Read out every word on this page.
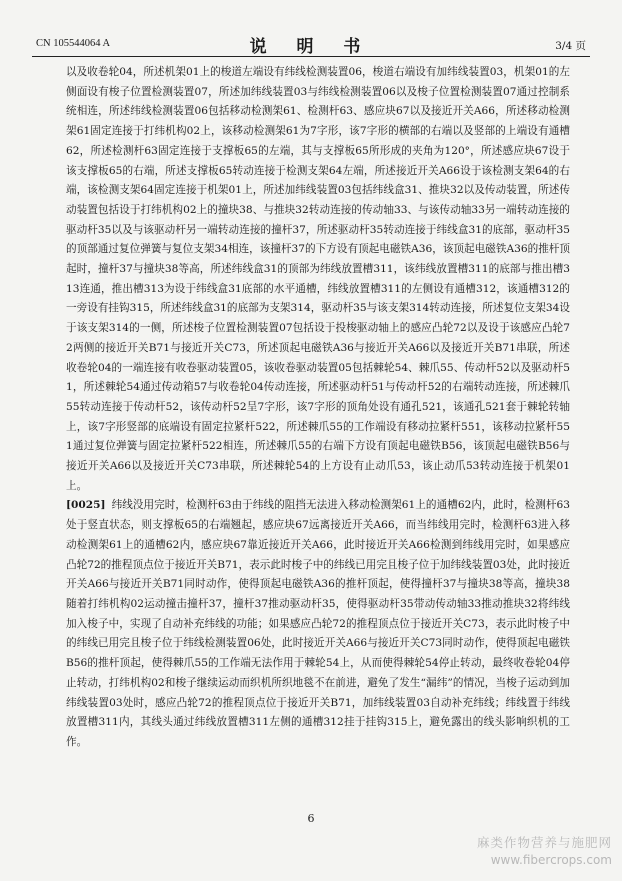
CN 105544064 A	说 明 书	3/4 页

以及收卷轮04，所述机架01上的梭道左端设有纬线检测装置06，梭道右端设有加纬线装置03，机架01的左侧面设有梭子位置检测装置07，所述加纬线装置03与纬线检测装置06以及梭子位置检测装置07通过控制系统相连，所述纬线检测装置06包括移动检测架61、检测杆63、感应块67以及接近开关A66，所述移动检测架61固定连接于打纬机构02上，该移动检测架61为7字形，该7字形的横部的右端以及竖部的上端设有通槽62，所述检测杆63固定连接于支撑板65的左端，其与支撑板65所形成的夹角为120°，所述感应块67设于该支撑板65的右端，所述支撑板65转动连接于检测支架64左端，所述接近开关A66设于该检测支架64的右端，该检测支架64固定连接于机架01上，所述加纬线装置03包括纬线盒31、推块32以及传动装置，所述传动装置包括设于打纬机构02上的撞块38、与推块32转动连接的传动轴33、与该传动轴33另一端转动连接的驱动杆35以及与该驱动杆另一端转动连接的撞杆37，所述驱动杆35转动连接于纬线盒31的底部，驱动杆35的顶部通过复位弹簧与复位支架34相连，该撞杆37的下方设有顶起电磁铁A36，该顶起电磁铁A36的推杆顶起时，撞杆37与撞块38等高，所述纬线盒31的顶部为纬线放置槽311，该纬线放置槽311的底部与推出槽313连通，推出槽313为设于纬线盒31底部的水平通槽，纬线放置槽311的左侧设有通槽312，该通槽312的一旁设有挂钩315，所述纬线盒31的底部为支架314，驱动杆35与该支架314转动连接，所述复位支架34设于该支架314的一侧，所述梭子位置检测装置07包括设于投梭驱动轴上的感应凸轮72以及设于该感应凸轮72两侧的接近开关B71与接近开关C73，所述顶起电磁铁A36与接近开关A66以及接近开关B71串联，所述收卷轮04的一端连接有收卷驱动装置05，该收卷驱动装置05包括棘轮54、棘爪55、传动杆52以及驱动杆51，所述棘轮54通过传动箱57与收卷轮04传动连接，所述驱动杆51与传动杆52的右端转动连接，所述棘爪55转动连接于传动杆52，该传动杆52呈7字形，该7字形的顶角处设有通孔521，该通孔521套于棘轮转轴上，该7字形竖部的底端设有固定拉紧杆522，所述棘爪55的工作端设有移动拉紧杆551，该移动拉紧杆551通过复位弹簧与固定拉紧杆522相连，所述棘爪55的右端下方设有顶起电磁铁B56，该顶起电磁铁B56与接近开关A66以及接近开关C73串联，所述棘轮54的上方设有止动爪53，该止动爪53转动连接于机架01上。

[0025] 纬线没用完时，检测杆63由于纬线的阻挡无法进入移动检测架61上的通槽62内，此时，检测杆63处于竖直状态，则支撑板65的右端翘起，感应块67远离接近开关A66，而当纬线用完时，检测杆63进入移动检测架61上的通槽62内，感应块67靠近接近开关A66，此时接近开关A66检测到纬线用完时，如果感应凸轮72的推程顶点位于接近开关B71，表示此时梭子中的纬线已用完且梭子位于加纬线装置03处，此时接近开关A66与接近开关B71同时动作，使得顶起电磁铁A36的推杆顶起，使得撞杆37与撞块38等高，撞块38随着打纬机构02运动撞击撞杆37，撞杆37推动驱动杆35，使得驱动杆35带动传动轴33推动推块32将纬线加入梭子中，实现了自动补充纬线的功能；如果感应凸轮72的推程顶点位于接近开关C73，表示此时梭子中的纬线已用完且梭子位于纬线检测装置06处，此时接近开关A66与接近开关C73同时动作，使得顶起电磁铁B56的推杆顶起，使得棘爪55的工作端无法作用于棘轮54上，从而使得棘轮54停止转动，最终收卷轮04停止转动，打纬机构02和梭子继续运动而织机所织地毯不在前进，避免了发生“漏纬”的情况，当梭子运动到加纬线装置03处时，感应凸轮72的推程顶点位于接近开关B71，加纬线装置03自动补充纬线；纬线置于纬线放置槽311内，其线头通过纬线放置槽311左侧的通槽312挂于挂钩315上，避免露出的线头影响织机的工作。

6
麻类作物营养与施肥网
www.fibercrops.com
